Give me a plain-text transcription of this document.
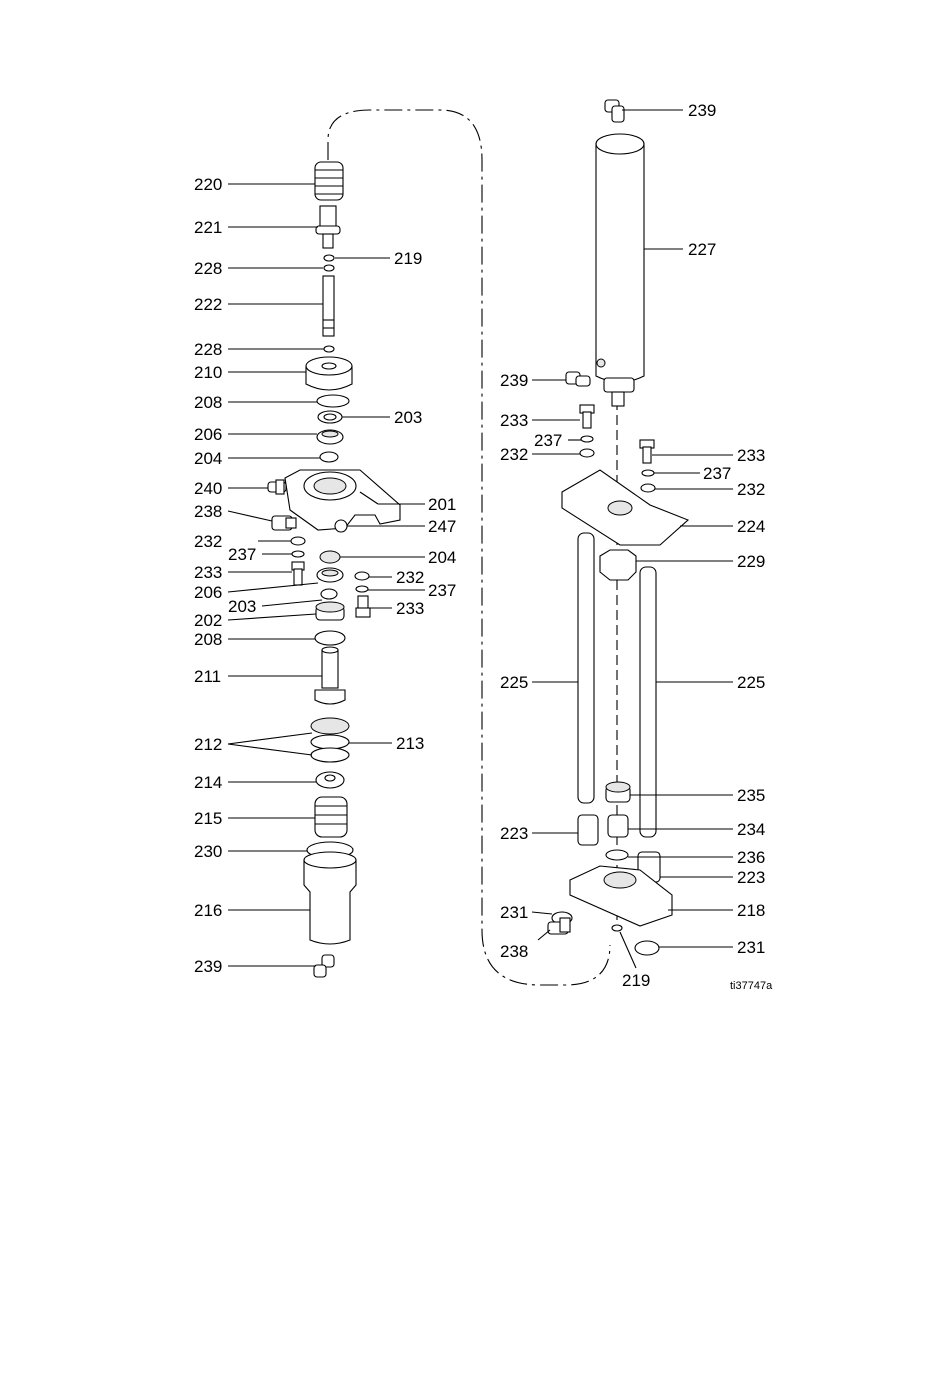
220
221
228
219
222
228
210
208
203
206
204
240
201
238
247
232
237
233
204
206
203
202
232
237
233
208
211
212	213
214
215
230
216
239
239
227
239
233
237
232	233
237
232
224
229
225	225
235
223	234
236
223
231	218
238	231
219	ti37747a
